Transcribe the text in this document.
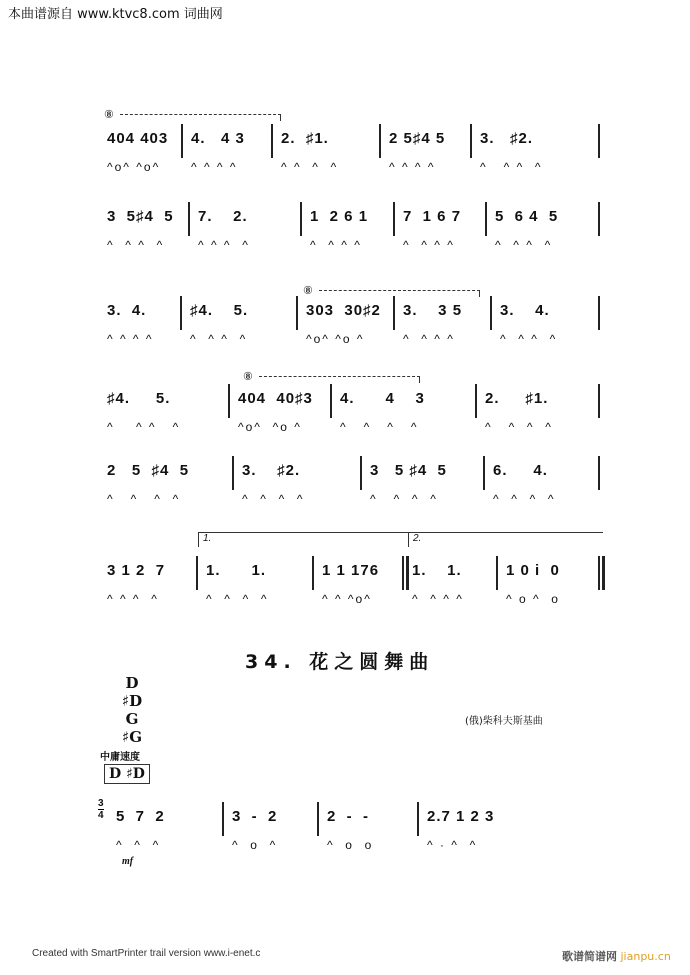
本曲谱源自 www.ktvc8.com 词曲网
404 403
^o^ ^o^
4.   4 3
^ ^ ^ ^
2.  ♯1.
^ ^  ^  ^
2 5♯4 5
^ ^ ^ ^
3.   ♯2.
^   ^ ^  ^
3  5♯4  5
^  ^ ^  ^
7.    2.
^ ^ ^  ^
1  2 6 1
^  ^ ^ ^
7  1 6 7
^  ^ ^ ^
5  6 4  5
^  ^ ^  ^
3.  4.
^ ^ ^ ^
♯4.    5.
^  ^ ^  ^
303  30♯2
^o^ ^o ^
3.    3 5
^  ^ ^ ^
3.    4.
^  ^ ^  ^
♯4.     5.
^    ^ ^   ^
404  40♯3
^o^  ^o ^
4.      4    3
^   ^   ^   ^
2.     ♯1.
^   ^  ^  ^
2   5  ♯4  5
^   ^   ^  ^
3.    ♯2.
^  ^  ^  ^
3   5 ♯4  5
^   ^  ^  ^
6.     4.
^  ^  ^  ^
3 1 2  7
^ ^ ^  ^
1.      1.
^  ^  ^  ^
1 1 176
^ ^ ^o^
1.    1.
^  ^ ^ ^
1 0 i  0
^ o ^  o
⑧
⑧
⑧
1.	2.
34. 花之圆舞曲
D
♯D
G
♯G
中庸速度
D ♯D
(俄)柴科夫斯基曲
3
4
mf
5  7  2
^  ^  ^
3  -  2
^  o  ^
2  -  -
^  o  o
2.7 1 2 3
^ · ^  ^
Created with SmartPrinter trail version www.i-enet.c	歌谱简谱网 jianpu.cn
